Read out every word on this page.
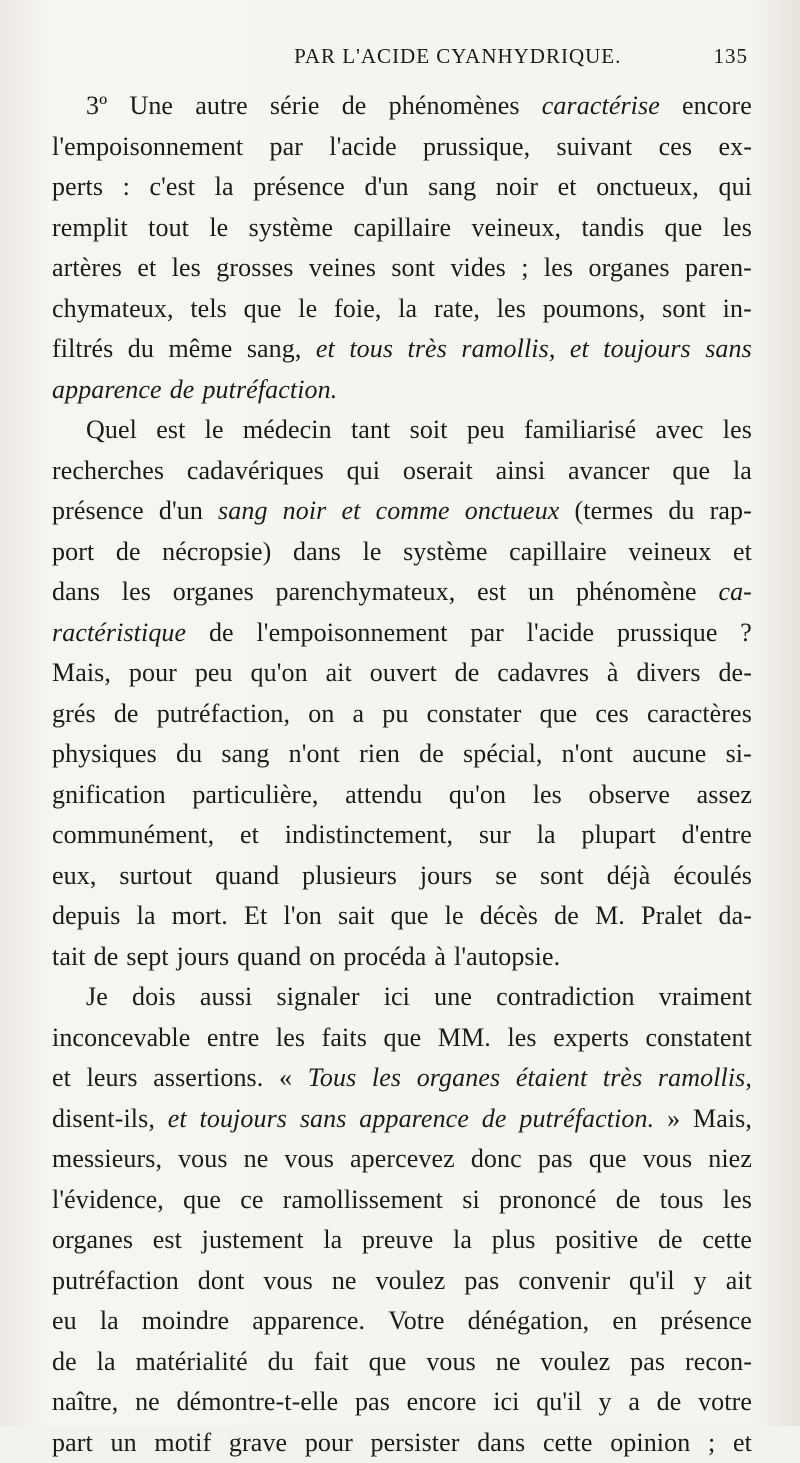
PAR L'ACIDE CYANHYDRIQUE.	135
3º Une autre série de phénomènes caractérise encore
l'empoisonnement par l'acide prussique, suivant ces ex-
perts : c'est la présence d'un sang noir et onctueux, qui
remplit tout le système capillaire veineux, tandis que les
artères et les grosses veines sont vides ; les organes paren-
chymateux, tels que le foie, la rate, les poumons, sont in-
filtrés du même sang, et tous très ramollis, et toujours sans
apparence de putréfaction.
Quel est le médecin tant soit peu familiarisé avec les
recherches cadavériques qui oserait ainsi avancer que la
présence d'un sang noir et comme onctueux (termes du rap-
port de nécropsie) dans le système capillaire veineux et
dans les organes parenchymateux, est un phénomène ca-
ractéristique de l'empoisonnement par l'acide prussique ?
Mais, pour peu qu'on ait ouvert de cadavres à divers de-
grés de putréfaction, on a pu constater que ces caractères
physiques du sang n'ont rien de spécial, n'ont aucune si-
gnification particulière, attendu qu'on les observe assez
communément, et indistinctement, sur la plupart d'entre
eux, surtout quand plusieurs jours se sont déjà écoulés
depuis la mort. Et l'on sait que le décès de M. Pralet da-
tait de sept jours quand on procéda à l'autopsie.
Je dois aussi signaler ici une contradiction vraiment
inconcevable entre les faits que MM. les experts constatent
et leurs assertions. « Tous les organes étaient très ramollis,
disent-ils, et toujours sans apparence de putréfaction. » Mais,
messieurs, vous ne vous apercevez donc pas que vous niez
l'évidence, que ce ramollissement si prononcé de tous les
organes est justement la preuve la plus positive de cette
putréfaction dont vous ne voulez pas convenir qu'il y ait
eu la moindre apparence. Votre dénégation, en présence
de la matérialité du fait que vous ne voulez pas recon-
naître, ne démontre-t-elle pas encore ici qu'il y a de votre
part un motif grave pour persister dans cette opinion ; et
